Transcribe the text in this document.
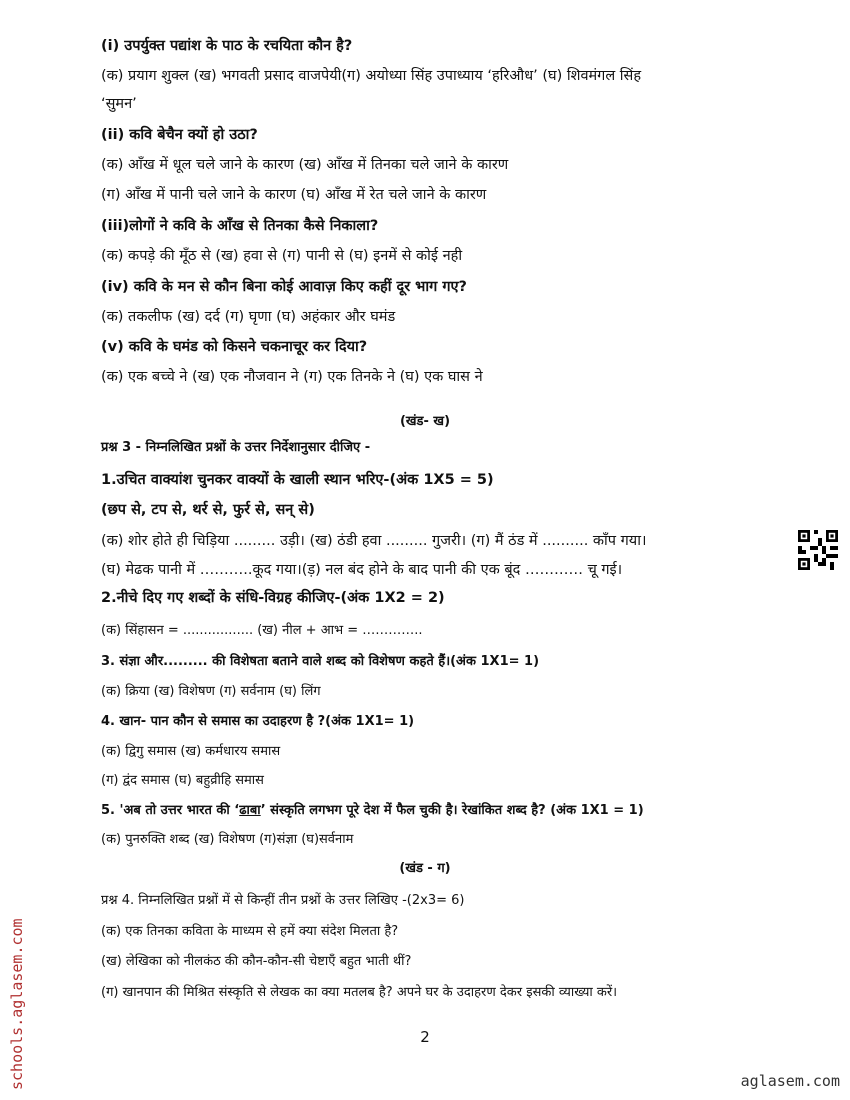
(i) उपर्युक्त पद्यांश के पाठ के रचयिता कौन है?
(क) प्रयाग शुक्ल (ख) भगवती प्रसाद वाजपेयी(ग) अयोध्या सिंह उपाध्याय ‘हरिऔध’ (घ) शिवमंगल सिंह
‘सुमन’
(ii) कवि बेचैन क्यों हो उठा?
(क) आँख में धूल चले जाने के कारण (ख) आँख में तिनका चले जाने के कारण
(ग) आँख में पानी चले जाने के कारण (घ) आँख में रेत चले जाने के कारण
(iii)लोगों ने कवि के आँख से तिनका कैसे निकाला?
(क) कपड़े की मूँठ से (ख) हवा से (ग) पानी से (घ) इनमें से कोई नही
(iv) कवि के मन से कौन बिना कोई आवाज़ किए कहीं दूर भाग गए?
(क) तकलीफ (ख) दर्द (ग) घृणा (घ) अहंकार और घमंड
(v) कवि के घमंड को किसने चकनाचूर कर दिया?
(क) एक बच्चे ने (ख) एक नौजवान ने (ग) एक तिनके ने (घ) एक घास ने
(खंड- ख)
प्रश्न 3 - निम्नलिखित प्रश्नों के उत्तर निर्देशानुसार दीजिए -
1.उचित वाक्यांश चुनकर वाक्यों के खाली स्थान भरिए-(अंक 1X5 = 5)
(छप से, टप से, थर्र से, फुर्र से, सन् से)
(क) शोर होते ही चिड़िया ......... उड़ी। (ख) ठंडी हवा ......... गुजरी। (ग) मैं ठंड में .......... काँप गया।
(घ) मेढक पानी में ………..कूद गया।(ड़) नल बंद होने के बाद पानी की एक बूंद ………… चू गई।
2.नीचे दिए गए शब्दों के संधि-विग्रह कीजिए-(अंक 1X2 = 2)
(क) सिंहासन = ................. (ख) नील + आभ = …………..
3. संज्ञा और......... की विशेषता बताने वाले शब्द को विशेषण कहते हैं।(अंक 1X1= 1)
(क) क्रिया (ख) विशेषण (ग) सर्वनाम (घ) लिंग
4. खान- पान कौन से समास का उदाहरण है ?(अंक 1X1= 1)
(क) द्विगु समास (ख) कर्मधारय समास
(ग) द्वंद समास (घ) बहुव्रीहि समास
(क) पुनरुक्ति शब्द (ख) विशेषण (ग)संज्ञा (घ)सर्वनाम
(खंड - ग)
प्रश्न 4. निम्नलिखित प्रश्नों में से किन्हीं तीन प्रश्नों के उत्तर लिखिए -(2x3= 6)
(क) एक तिनका कविता के माध्यम से हमें क्या संदेश मिलता है?
(ख) लेखिका को नीलकंठ की कौन-कौन-सी चेष्टाएँ बहुत भाती थीं?
(ग) खानपान की मिश्रित संस्कृति से लेखक का क्या मतलब है? अपने घर के उदाहरण देकर इसकी व्याख्या करें।
5. 'अब तो उत्तर भारत की ‘ढाबा’ संस्कृति लगभग पूरे देश में फैल चुकी है। रेखांकित शब्द है? (अंक 1X1 = 1)
2
schools.aglasem.com	aglasem.com
